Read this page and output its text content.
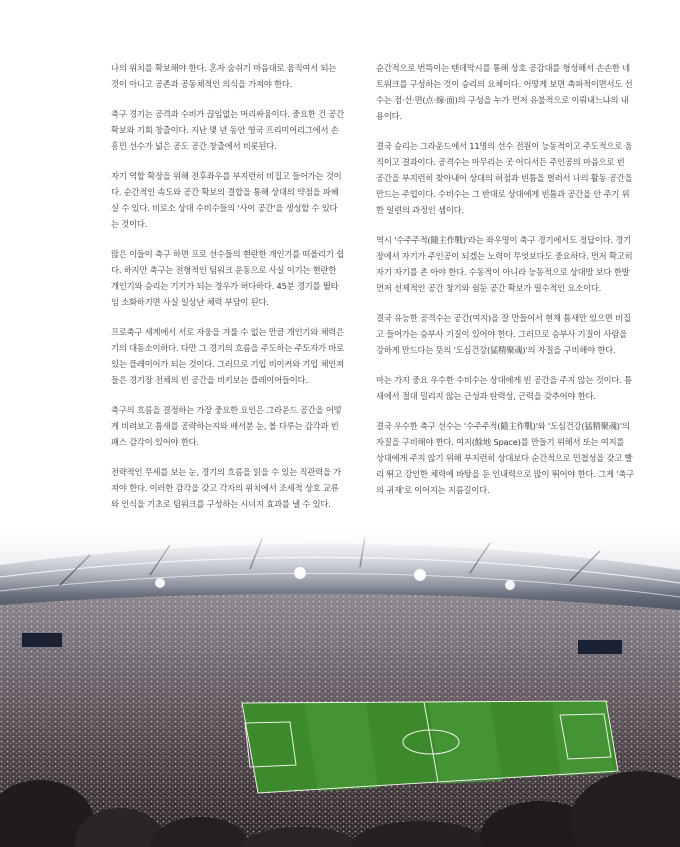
나의 위치를 확보해야 한다. 혼자 숨쉬기 마음대로 움직여서 되는 것이 아니고 공존과 공동체적인 의식을 가져야 한다.

축구 경기는 공격과 수비가 끊임없는 머리싸움이다. 중요한 건 공간 확보와 기회 창출이다. 지난 몇 년 동안 영국 프리미어리그에서 손흥민 선수가 넓은 공도 공간 창출에서 비롯된다.

자기 역할 확장을 위해 전후좌우를 부지런히 비집고 들어가는 것이다. 순간적인 속도와 공간 확보의 결합을 통해 상대의 약점을 파헤실 수 있다. 비로소 상대 수비수들의 '사이 공간'을 생성할 수 있다는 것이다.

많은 이들이 축구 하면 프로 선수들의 현란한 개인기를 떠올리기 쉽다. 하지만 축구는 전형적인 팀워크 운동으로 사실 이기는 현란한 개인기와 승리는 기기가 되는 경우가 허다하다. 45분 경기를 뛸타임 소화하기면 사실 일상난 체력 부담이 된다.

프로축구 세계에서 서로 자웅을 겨룰 수 없는 만큼 개인기와 체력은 기의 대동소이하다. 다만 그 경기의 흐름을 주도하는 주도자가 바로 있는 플레이어가 되는 것이다. 그러므로 기입 비이커와 기입 체인져들은 경기장 전체의 빈 공간을 비키보는 플레이어들이다.

축구의 흐름을 결정하는 가장 중요한 요인은 그라운드 공간을 어떻게 비려보고 틈새를 공략하는지와 배서분 눈, 볼 다루는 감각과 빈 패스 감각이 있어야 한다.

전략적인 무세를 보는 눈, 경기의 흐름을 읽을 수 있는 직관력을 가져야 한다. 이러한 감각을 갖고 각자의 위치에서 조세적 상호 교류와 인식을 기초로 팀워크를 구성하는 시너지 효과를 낼 수 있다.

순간적으로 번뜩이는 텐데막시를 통해 상호 공감대를 형성해서 손손한 네트워크를 구성하는 것이 승리의 요체이다. 어떻게 보면 축파적이면서도 선수는 점·선·면(点·線·面)의 구성을 누가 먼저 유불적으로 이뤄내느냐의 내용이다.

결국 승리는 그라운드에서 11명의 선수 전원이 능동적이고 주도적으로 움직이고 결과이다. 공격수는 마무리는 곳 어디서든 주인공의 마음으로 빈 공간을 부지런히 찾아내어 상대의 허점과 빈틈을 벌려서 나의 활동 공간을 만드는 주업이다. 수비수는 그 반대로 상대에게 빈틈과 공간을 안 주기 위한 일련의 과정인 셈이다.

역시 '수주주적(隨主作戰)'라는 좌우명이 축구 경기에서도 정답이다. 경기장에서 자기가 주인공이 되겠는 노력이 무엇보다도 중요하다. 먼저 확고히 자기 자기를 존 아야 한다. 수동적이 아니라 능동적으로 상대방 보다 한발 먼저 선제적인 공간 창기와 쉼둔 공간 확보가 필수적인 요소이다.

결국 유능한 공격수는 공간(여지)을 잘 만들어서 현재 틈새만 있으면 비집고 들어가는 승부사 기질이 있어야 한다. 그러므로 승부사 기질이 사람을 강하게 만드다는 뜻의 '도심건강(猛精聚魂)'의 자질을 구비해야 한다.

마는 가지 중요 우수한 수비수는 상대에게 빈 공간을 주지 않는 것이다. 틈새에서 절대 밀리지 않는 근성과 탄력성, 근력을 갖추어야 한다.

결국 우수한 축구 선수는 '수주주적(隨主作戰)'와 '도심건강(猛精聚魂)'의 자질을 구비해야 한다. 여지(餘地 Space)를 만들기 위해서 또는 여지를 상대에게 주지 않기 위해 부지런히 상대보다 순간적으로 민첩성을 갖고 빨리 뛰고 강인한 체력에 바탕을 둔 인내력으로 많이 뛰어야 한다. 그게 '축구의 귀재'로 이어지는 지름길이다.
